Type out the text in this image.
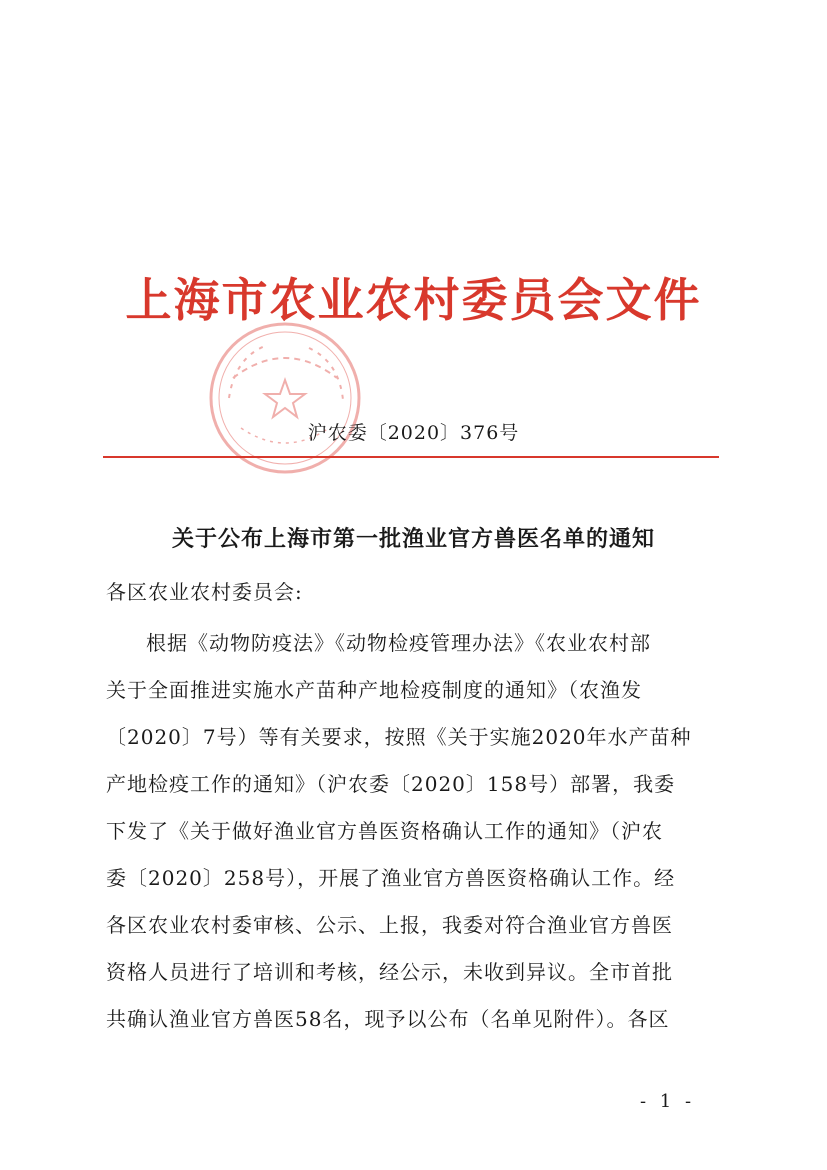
上海市农业农村委员会文件
沪农委〔2020〕376号
关于公布上海市第一批渔业官方兽医名单的通知
各区农业农村委员会:
根据《动物防疫法》《动物检疫管理办法》《农业农村部
关于全面推进实施水产苗种产地检疫制度的通知》（农渔发
〔2020〕7号）等有关要求，按照《关于实施2020年水产苗种
产地检疫工作的通知》（沪农委〔2020〕158号）部署，我委
下发了《关于做好渔业官方兽医资格确认工作的通知》（沪农
委〔2020〕258号），开展了渔业官方兽医资格确认工作。经
各区农业农村委审核、公示、上报，我委对符合渔业官方兽医
资格人员进行了培训和考核，经公示，未收到异议。全市首批
共确认渔业官方兽医58名，现予以公布（名单见附件）。各区
- 1 -
